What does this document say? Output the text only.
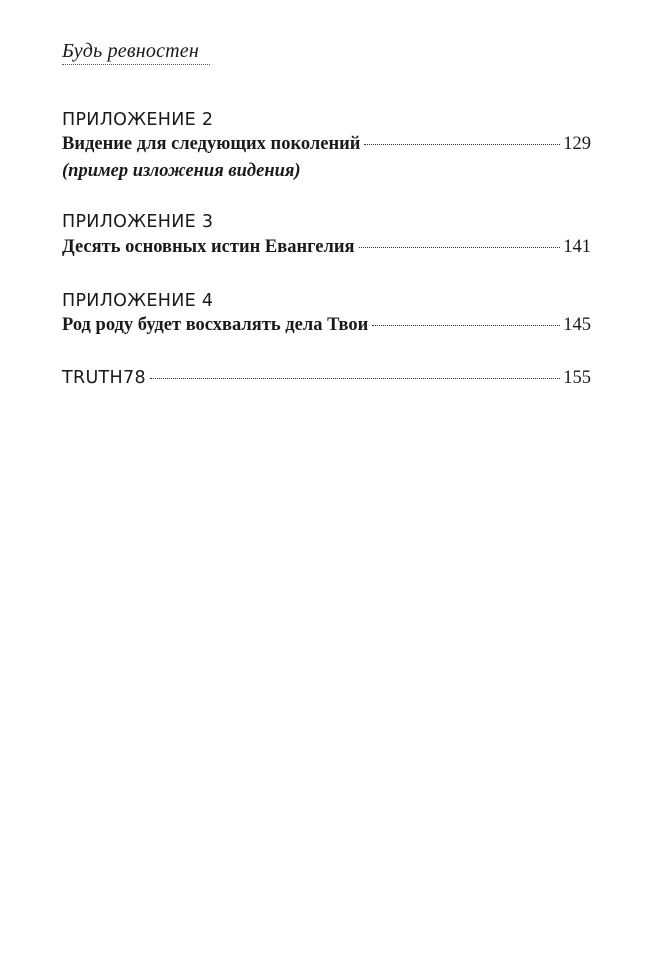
Будь ревностен
ПРИЛОЖЕНИЕ 2
Видение для следующих поколений	129
(пример изложения видения)
ПРИЛОЖЕНИЕ 3
Десять основных истин Евангелия	141
ПРИЛОЖЕНИЕ 4
Род роду будет восхвалять дела Твои	145
TRUTH78	155
